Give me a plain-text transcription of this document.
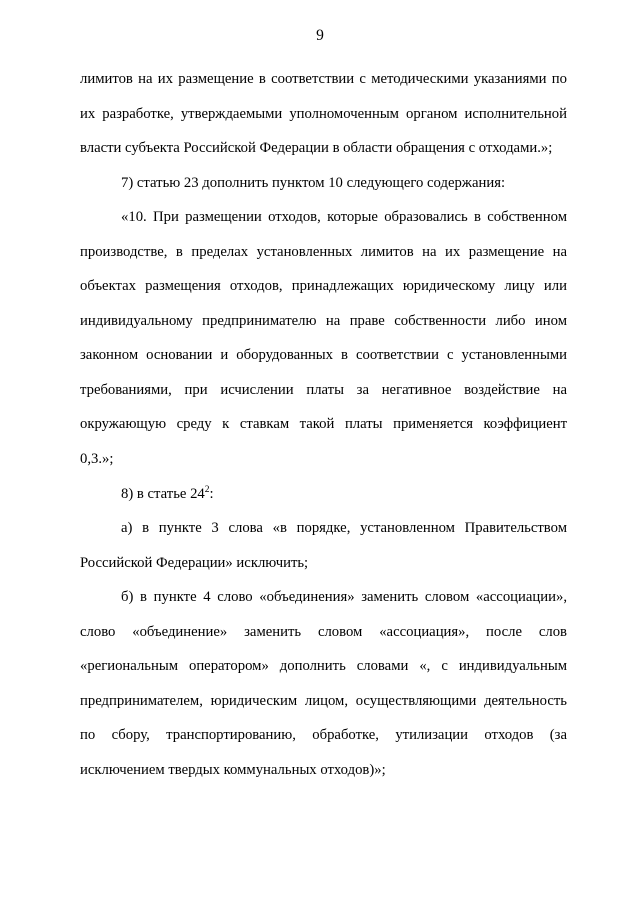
9
лимитов на их размещение в соответствии с методическими указаниями по
их разработке, утверждаемыми уполномоченным органом исполнительной
власти субъекта Российской Федерации в области обращения с отходами.»;
7) статью 23 дополнить пунктом 10 следующего содержания:
«10. При размещении отходов, которые образовались в собственном
производстве, в пределах установленных лимитов на их размещение на
объектах размещения отходов, принадлежащих юридическому лицу или
индивидуальному предпринимателю на праве собственности либо ином
законном основании и оборудованных в соответствии с установленными
требованиями, при исчислении платы за негативное воздействие на
окружающую среду к ставкам такой платы применяется коэффициент
0,3.»;
8) в статье $24^2$:
а) в пункте 3 слова «в порядке, установленном Правительством
Российской Федерации» исключить;
б) в пункте 4 слово «объединения» заменить словом «ассоциации»,
слово «объединение» заменить словом «ассоциация», после слов
«региональным оператором» дополнить словами «, с индивидуальным
предпринимателем, юридическим лицом, осуществляющими деятельность
по сбору, транспортированию, обработке, утилизации отходов (за
исключением твердых коммунальных отходов)»;
